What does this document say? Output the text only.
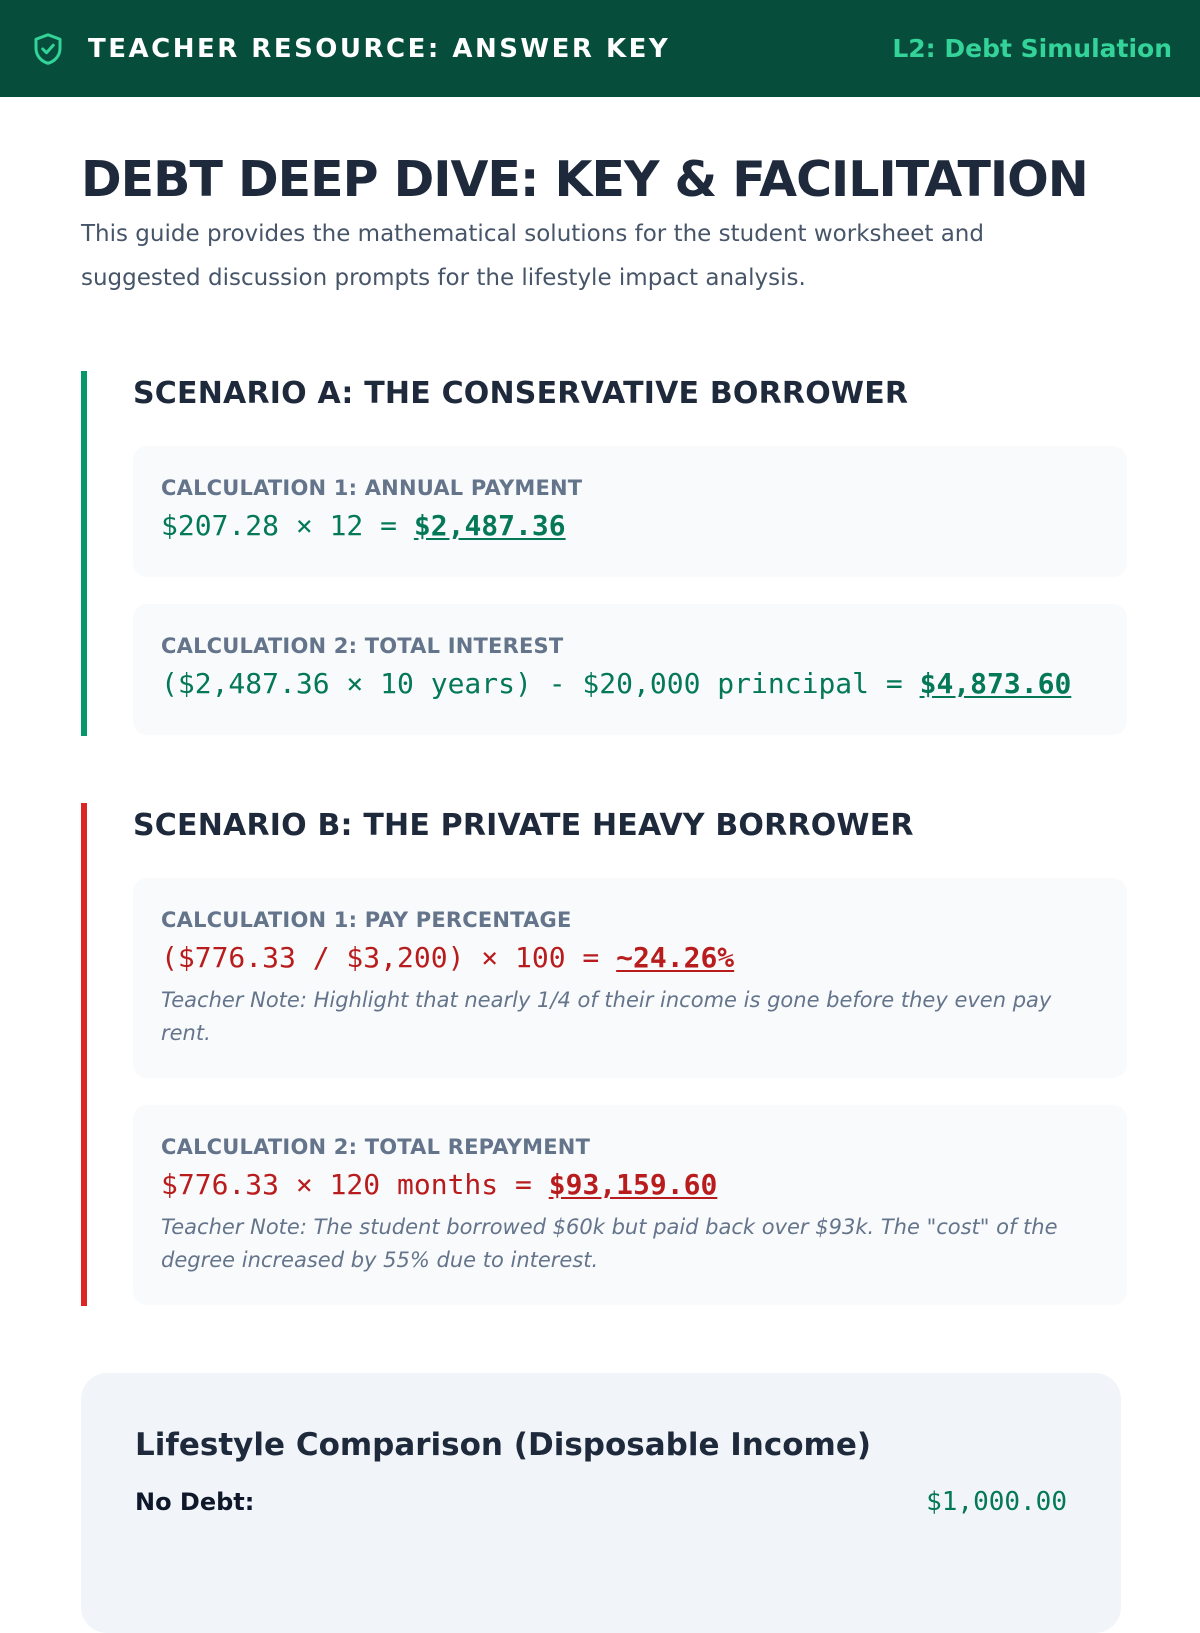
TEACHER RESOURCE: ANSWER KEY	L2: Debt Simulation
DEBT DEEP DIVE: KEY & FACILITATION

This guide provides the mathematical solutions for the student worksheet and suggested discussion prompts for the lifestyle impact analysis.

SCENARIO A: THE CONSERVATIVE BORROWER
CALCULATION 1: ANNUAL PAYMENT
$207.28 × 12 = $2,487.36
CALCULATION 2: TOTAL INTEREST
($2,487.36 × 10 years) - $20,000 principal = $4,873.60
SCENARIO B: THE PRIVATE HEAVY BORROWER
CALCULATION 1: PAY PERCENTAGE
($776.33 / $3,200) × 100 = ~24.26%

Teacher Note: Highlight that nearly 1/4 of their income is gone before they even pay rent.

CALCULATION 2: TOTAL REPAYMENT
$776.33 × 120 months = $93,159.60

Teacher Note: The student borrowed $60k but paid back over $93k. The "cost" of the degree increased by 55% due to interest.

Lifestyle Comparison (Disposable Income)
No Debt:	$1,000.00
